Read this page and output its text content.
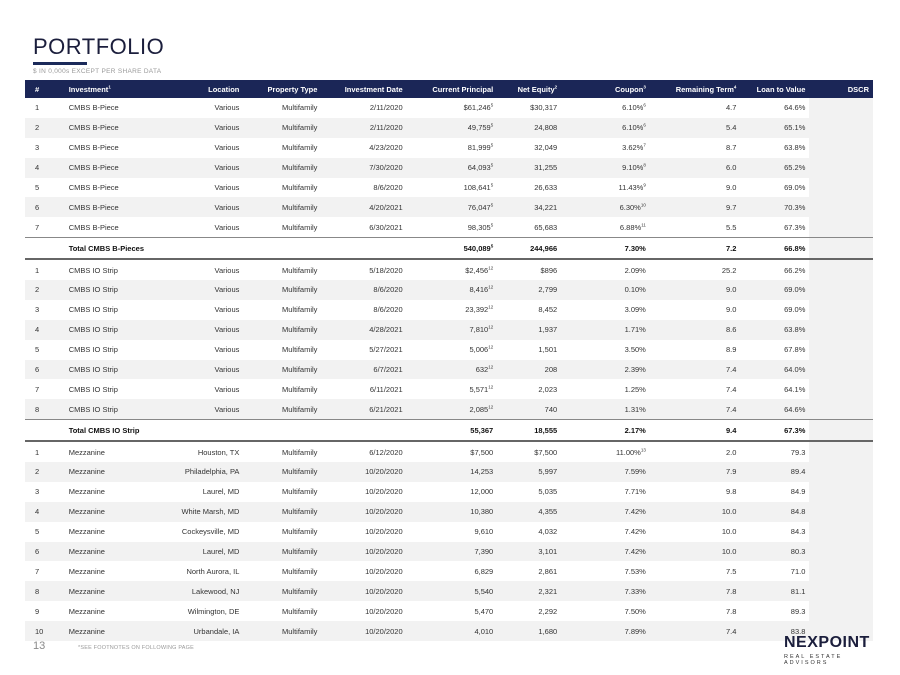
PORTFOLIO
$ IN 0,000s EXCEPT PER SHARE DATA
#	Investment$^1$	Location	Property Type	Investment Date	Current Principal	Net Equity$^2$	Coupon$^3$	Remaining Term$^4$	Loan to Value	DSCR
1	CMBS B-Piece	Various	Multifamily	2/11/2020	$61,246$^5$	$30,317	6.10%$^6$	4.7	64.6%	
2	CMBS B-Piece	Various	Multifamily	2/11/2020	49,759$^5$	24,808	6.10%$^6$	5.4	65.1%	
3	CMBS B-Piece	Various	Multifamily	4/23/2020	81,999$^5$	32,049	3.62%$^7$	8.7	63.8%	
4	CMBS B-Piece	Various	Multifamily	7/30/2020	64,093$^5$	31,255	9.10%$^8$	6.0	65.2%	
5	CMBS B-Piece	Various	Multifamily	8/6/2020	108,641$^5$	26,633	11.43%$^9$	9.0	69.0%	
6	CMBS B-Piece	Various	Multifamily	4/20/2021	76,047$^5$	34,221	6.30%$^{10}$	9.7	70.3%	
7	CMBS B-Piece	Various	Multifamily	6/30/2021	98,305$^5$	65,683	6.88%$^{11}$	5.5	67.3%	
	Total CMBS B-Pieces				540,089$^5$	244,966	7.30%	7.2	66.8%	
1	CMBS IO Strip	Various	Multifamily	5/18/2020	$2,456$^{12}$	$896	2.09%	25.2	66.2%	
2	CMBS IO Strip	Various	Multifamily	8/6/2020	8,416$^{12}$	2,799	0.10%	9.0	69.0%	
3	CMBS IO Strip	Various	Multifamily	8/6/2020	23,392$^{12}$	8,452	3.09%	9.0	69.0%	
4	CMBS IO Strip	Various	Multifamily	4/28/2021	7,810$^{12}$	1,937	1.71%	8.6	63.8%	
5	CMBS IO Strip	Various	Multifamily	5/27/2021	5,006$^{12}$	1,501	3.50%	8.9	67.8%	
6	CMBS IO Strip	Various	Multifamily	6/7/2021	$632^{12}$	208	2.39%	7.4	64.0%	
7	CMBS IO Strip	Various	Multifamily	6/11/2021	5,571$^{12}$	2,023	1.25%	7.4	64.1%	
8	CMBS IO Strip	Various	Multifamily	6/21/2021	2,085$^{12}$	740	1.31%	7.4	64.6%	
	Total CMBS IO Strip				55,367	18,555	2.17%	9.4	67.3%	
1	Mezzanine	Houston, TX	Multifamily	6/12/2020	$7,500	$7,500	11.00%$^{13}$	2.0	79.3	
2	Mezzanine	Philadelphia, PA	Multifamily	10/20/2020	14,253	5,997	7.59%	7.9	89.4	
3	Mezzanine	Laurel, MD	Multifamily	10/20/2020	12,000	5,035	7.71%	9.8	84.9	
4	Mezzanine	White Marsh, MD	Multifamily	10/20/2020	10,380	4,355	7.42%	10.0	84.8	
5	Mezzanine	Cockeysville, MD	Multifamily	10/20/2020	9,610	4,032	7.42%	10.0	84.3	
6	Mezzanine	Laurel, MD	Multifamily	10/20/2020	7,390	3,101	7.42%	10.0	80.3	
7	Mezzanine	North Aurora, IL	Multifamily	10/20/2020	6,829	2,861	7.53%	7.5	71.0	
8	Mezzanine	Lakewood, NJ	Multifamily	10/20/2020	5,540	2,321	7.33%	7.8	81.1	
9	Mezzanine	Wilmington, DE	Multifamily	10/20/2020	5,470	2,292	7.50%	7.8	89.3	
10	Mezzanine	Urbandale, IA	Multifamily	10/20/2020	4,010	1,680	7.89%	7.4	83.8	
13	*SEE FOOTNOTES ON FOLLOWING PAGE	NEXPOINT
REAL ESTATE ADVISORS
